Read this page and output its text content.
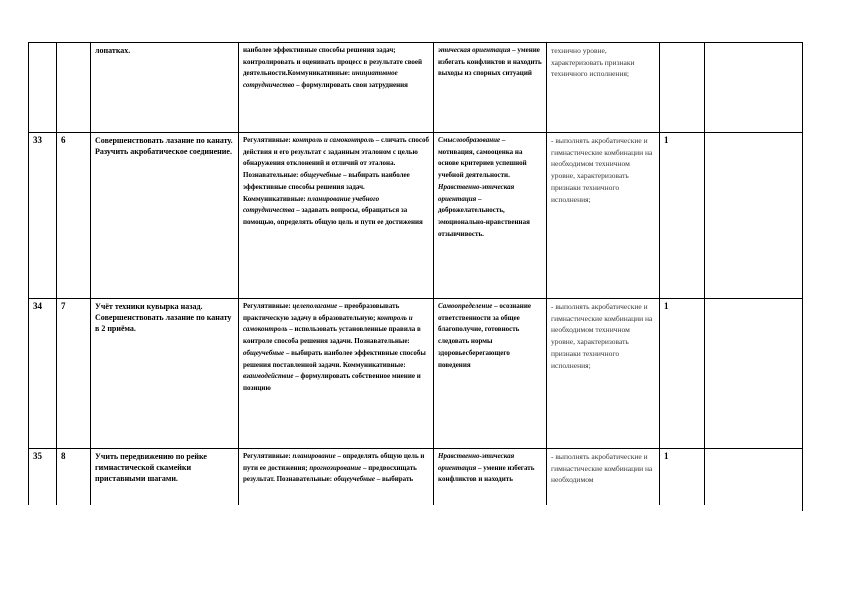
		лопатках.	наиболее эффективные способы решения задач; контролировать и оценивать процесс в результате своей деятельности.Коммуникативные: инициативное сотрудничество – формулировать свои затруднения	этическая ориентация – умение избегать конфликтов и находить выходы из спорных ситуаций	технично уровне, характеризовать признаки техничного исполнения;		
33	6	Совершенствовать лазание по канату. Разучить акробатическое соединение.	Регулятивные: контроль и самоконтроль – сличать способ действия и его результат с заданным эталоном с целью обнаружения отклонений и отличий от эталона. Познавательные: общеучебные – выбирать наиболее эффективные способы решения задач. Коммуникативные: планирование учебного сотрудничества – задавать вопросы, обращаться за помощью, определять общую цель и пути ее достижения	Смыслообразование – мотивация, самооценка на основе критериев успешной учебной деятельности. Нравственно-этическая ориентация – доброжелательность, эмоционально-нравственная отзывчивость.	- выполнять акробатические и гимнастические комбинации на необходимом техничном уровне, характеризовать признаки техничного исполнения;	1	
34	7	Учёт техники кувырка назад. Совершенствовать лазание по канату в 2 приёма.	Регулятивные: целеполагание – преобразовывать практическую задачу в образовательную; контроль и самоконтроль – использовать установленные правила в контроле способа решения задачи. Познавательные: общеучебные – выбирать наиболее эффективные способы решения поставленной задачи. Коммуникативные: взаимодействие – формулировать собственное мнение и позицию	Самоопределение – осознание ответственности за общее благополучие, готовность следовать нормы здоровьесберегающего поведения	- выполнять акробатические и гимнастические комбинации на необходимом техничном уровне, характеризовать признаки техничного исполнения;	1	
35	8	Учить передвижению по рейке гимнастической скамейки приставными шагами.	Регулятивные: планирование – определять общую цель и пути ее достижения; прогнозирование – предвосхищать результат. Познавательные: общеучебные – выбирать	Нравственно-этическая ориентация – умение избегать конфликтов и находить	- выполнять акробатические и гимнастические комбинации на необходимом	1	
